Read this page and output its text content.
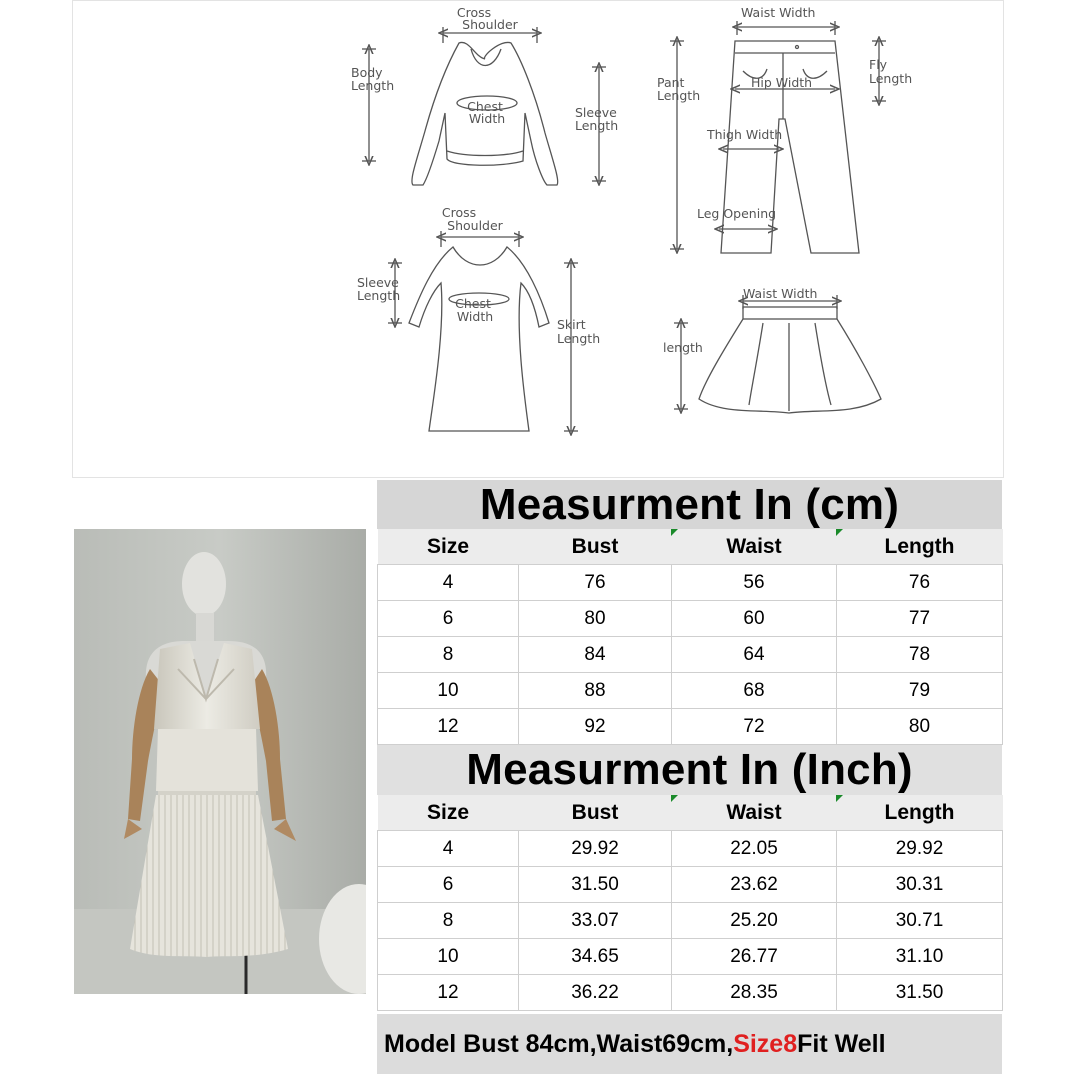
Cross Shoulder
Body Length
Chest Width	Sleeve Length
Waist Width
Pant Length
Fly Length
Hip Width
Thigh Width
Leg Opening
Cross Shoulder
Sleeve Length
Chest Width
Skirt Length
Waist Width
length
Measurment In (cm)
Size	Bust	Waist	Length
4	76	56	76
6	80	60	77
8	84	64	78
10	88	68	79
12	92	72	80
Measurment In (Inch)
Size	Bust	Waist	Length
4	29.92	22.05	29.92
6	31.50	23.62	30.31
8	33.07	25.20	30.71
10	34.65	26.77	31.10
12	36.22	28.35	31.50
Model Bust 84cm,Waist69cm, Size8 Fit Well
